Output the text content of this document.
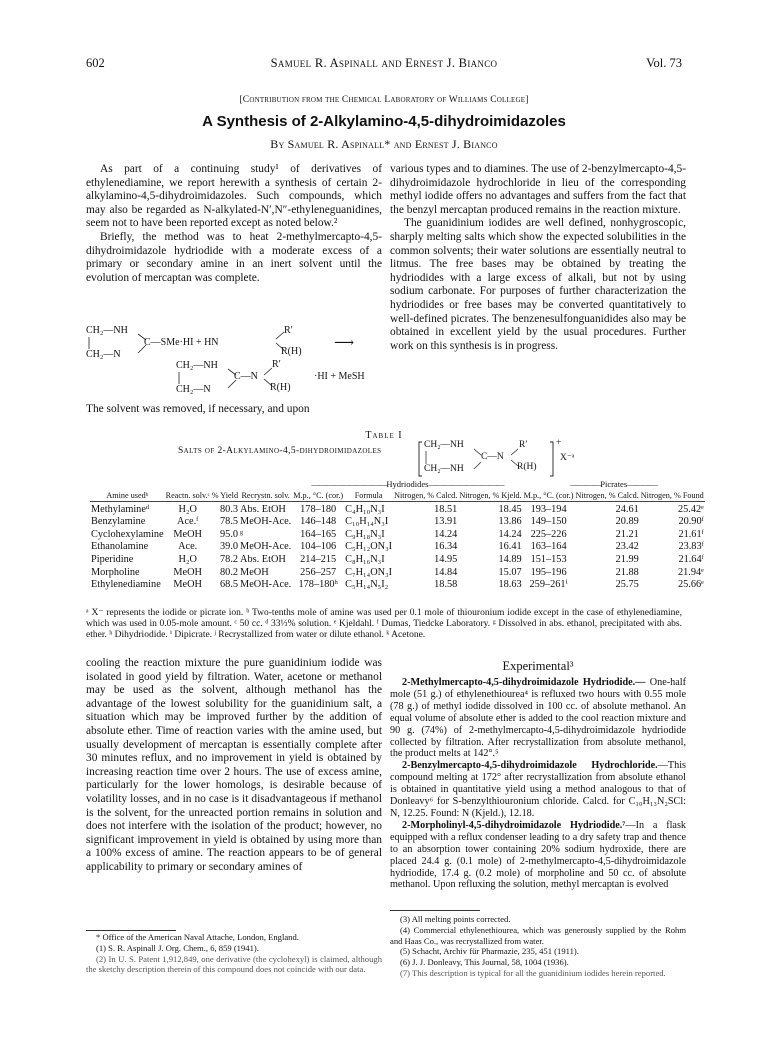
602	Samuel R. Aspinall and Ernest J. Bianco	Vol. 73
[Contribution from the Chemical Laboratory of Williams College]
A Synthesis of 2-Alkylamino-4,5-dihydroimidazoles
By Samuel R. Aspinall* and Ernest J. Bianco

As part of a continuing study¹ of derivatives of ethylenediamine, we report herewith a synthesis of certain 2-alkylamino-4,5-dihydroimidazoles. Such compounds, which may also be regarded as N-alkylated-N′,N″-ethyleneguanidines, seem not to have been reported except as noted below.²

Briefly, the method was to heat 2-methylmercapto-4,5-dihydroimidazole hydriodide with a moderate excess of a primary or secondary amine in an inert solvent until the evolution of mercaptan was complete.

various types and to diamines. The use of 2-benzylmercapto-4,5-dihydroimidazole hydrochloride in lieu of the corresponding methyl iodide offers no advantages and suffers from the fact that the benzyl mercaptan produced remains in the reaction mixture.

The guanidinium iodides are well defined, nonhygroscopic, sharply melting salts which show the expected solubilities in the common solvents; their water solutions are essentially neutral to litmus. The free bases may be obtained by treating the hydriodides with a large excess of alkali, but not by using sodium carbonate. For purposes of further characterization the hydriodides or free bases may be converted quantitatively to well-defined picrates. The benzenesulfonguanidides also may be obtained in excellent yield by the usual procedures. Further work on this synthesis is in progress.

CH₂—NH
C—SMe·HI + HN
R′
R(H)
CH₂—N
⟶
CH₂—NH
C—N
R′
R(H)
CH₂—N
·HI + MeSH

The solvent was removed, if necessary, and upon

Table I
Salts of 2-Alkylamino-4,5-dihydroimidazoles
CH₂—NH
C—N
R′
R(H)
CH₂—NH
+
X⁻ᵃ
				——————————Hydriodides——————————				————Picrates————		
Amine usedᵇ	Reactn. solv.ᶜ	% Yield	Recrystn. solv.	M.p., °C. (cor.)	Formula	Nitrogen, % Calcd.	Nitrogen, % Kjeld.	M.p., °C. (cor.)	Nitrogen, % Calcd.	Nitrogen, % Found
Methylamineᵈ	H₂O	80.3	Abs. EtOH	178–180	C₄H₁₀N₃I	18.51	18.45	193–194	24.61	25.42ᵉ
Benzylamine	Ace.ᶠ	78.5	MeOH-Ace.	146–148	C₁₀H₁₄N₃I	13.91	13.86	149–150	20.89	20.90ᶠ
Cyclohexylamine	MeOH	95.0	ᵍ	164–165	C₉H₁₈N₃I	14.24	14.24	225–226	21.21	21.61ᶠ
Ethanolamine	Ace.	39.0	MeOH-Ace.	104–106	C₅H₁₂ON₃I	16.34	16.41	163–164	23.42	23.83ᶠ
Piperidine	H₂O	78.2	Abs. EtOH	214–215	C₈H₁₆N₃I	14.95	14.89	151–153	21.99	21.64ᶠ
Morpholine	MeOH	80.2	MeOH	256–257	C₇H₁₄ON₃I	14.84	15.07	195–196	21.88	21.94ᵉ
Ethylenediamine	MeOH	68.5	MeOH-Ace.	178–180ʰ	C₅H₁₄N₅I₂	18.58	18.63	259–261ⁱ	25.75	25.66ᵉ
ᵃ X⁻ represents the iodide or picrate ion. ᵇ Two-tenths mole of amine was used per 0.1 mole of thiouronium iodide except in the case of ethylenediamine, which was used in 0.05-mole amount. ᶜ 50 cc. ᵈ 33⅓% solution. ᵉ Kjeldahl. ᶠ Dumas, Tiedcke Laboratory. ᵍ Dissolved in abs. ethanol, precipitated with abs. ether. ʰ Dihydriodide. ⁱ Dipicrate. ʲ Recrystallized from water or dilute ethanol. ᵏ Acetone.

cooling the reaction mixture the pure guanidinium iodide was isolated in good yield by filtration. Water, acetone or methanol may be used as the solvent, although methanol has the advantage of the lowest solubility for the guanidinium salt, a situation which may be improved further by the addition of absolute ether. Time of reaction varies with the amine used, but usually development of mercaptan is essentially complete after 30 minutes reflux, and no improvement in yield is obtained by increasing reaction time over 2 hours. The use of excess amine, particularly for the lower homologs, is desirable because of volatility losses, and in no case is it disadvantageous if methanol is the solvent, for the unreacted portion remains in solution and does not interfere with the isolation of the product; however, no significant improvement in yield is obtained by using more than a 100% excess of amine. The reaction appears to be of general applicability to primary or secondary amines of

Experimental³

2-Methylmercapto-4,5-dihydroimidazole Hydriodide.— One-half mole (51 g.) of ethylenethiourea⁴ is refluxed two hours with 0.55 mole (78 g.) of methyl iodide dissolved in 100 cc. of absolute methanol. An equal volume of absolute ether is added to the cool reaction mixture and 90 g. (74%) of 2-methylmercapto-4,5-dihydroimidazole hydriodide collected by filtration. After recrystallization from absolute methanol, the product melts at 142°.⁵

2-Benzylmercapto-4,5-dihydroimidazole Hydrochloride.—This compound melting at 172° after recrystallization from absolute ethanol is obtained in quantitative yield using a method analogous to that of Donleavy⁶ for S-benzylthiouronium chloride. Calcd. for C₁₀H₁₃N₂SCl: N, 12.25. Found: N (Kjeld.), 12.18.

2-Morpholinyl-4,5-dihydroimidazole Hydriodide.⁷—In a flask equipped with a reflux condenser leading to a dry safety trap and thence to an absorption tower containing 20% sodium hydroxide, there are placed 24.4 g. (0.1 mole) of 2-methylmercapto-4,5-dihydroimidazole hydriodide, 17.4 g. (0.2 mole) of morpholine and 50 cc. of absolute methanol. Upon refluxing the solution, methyl mercaptan is evolved

* Office of the American Naval Attache, London, England.

(1) S. R. Aspinall J. Org. Chem., 6, 859 (1941).

(2) In U. S. Patent 1,912,849, one derivative (the cyclohexyl) is claimed, although the sketchy description therein of this compound does not coincide with our data.

(3) All melting points corrected.

(4) Commercial ethylenethiourea, which was generously supplied by the Rohm and Haas Co., was recrystallized from water.

(5) Schacht, Archiv für Pharmazie, 235, 451 (1911).

(6) J. J. Donleavy, This Journal, 58, 1004 (1936).

(7) This description is typical for all the guanidinium iodides herein reported.
